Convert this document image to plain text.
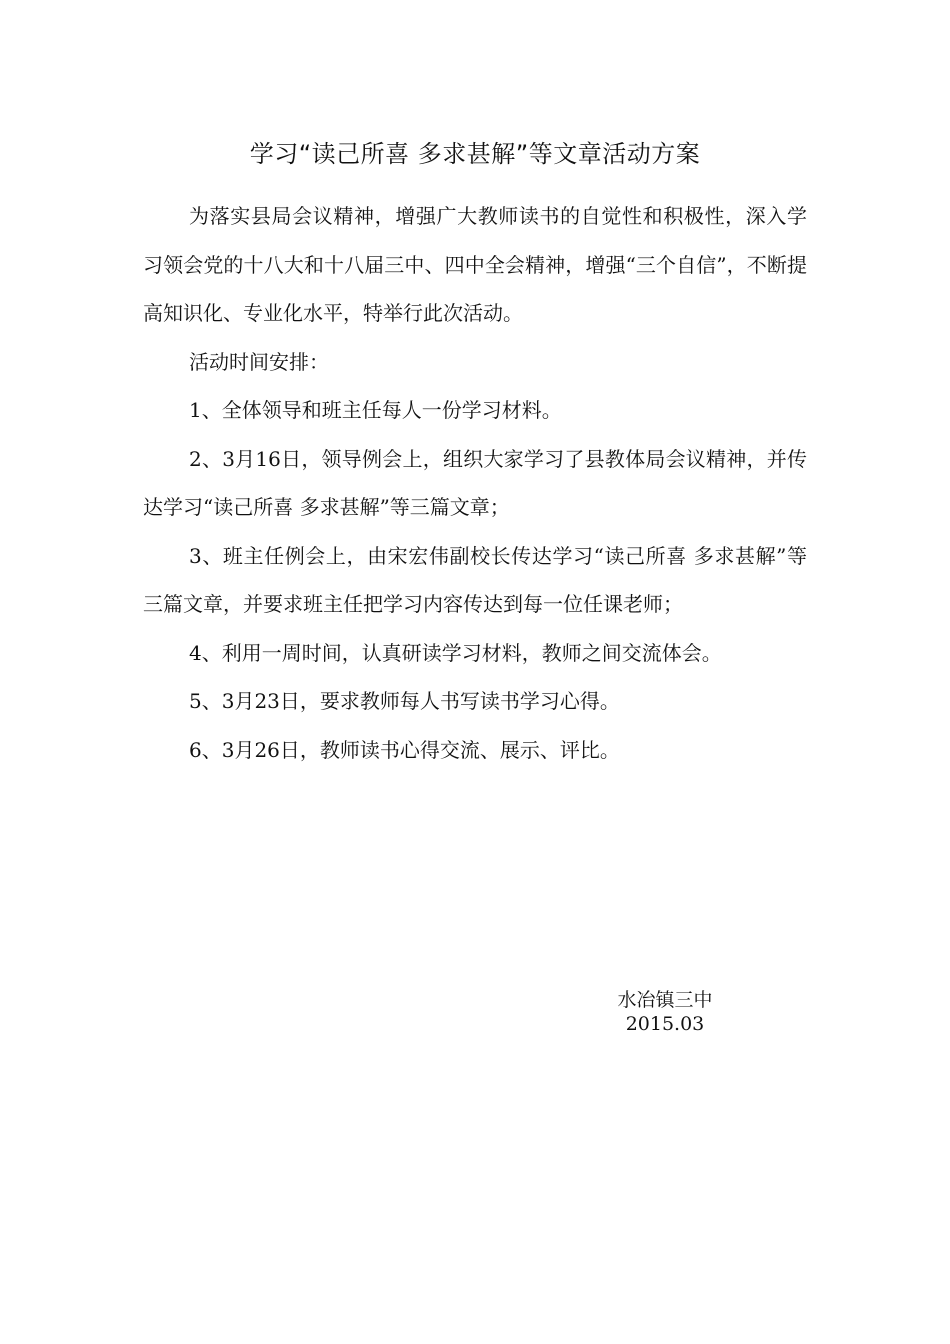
学习“读己所喜 多求甚解”等文章活动方案

为落实县局会议精神，增强广大教师读书的自觉性和积极性，深入学习领会党的十八大和十八届三中、四中全会精神，增强“三个自信”，不断提高知识化、专业化水平，特举行此次活动。

活动时间安排：

1、全体领导和班主任每人一份学习材料。

2、3月16日，领导例会上，组织大家学习了县教体局会议精神，并传达学习“读己所喜 多求甚解”等三篇文章；

3、班主任例会上，由宋宏伟副校长传达学习“读己所喜 多求甚解”等三篇文章，并要求班主任把学习内容传达到每一位任课老师；

4、利用一周时间，认真研读学习材料，教师之间交流体会。

5、3月23日，要求教师每人书写读书学习心得。

6、3月26日，教师读书心得交流、展示、评比。

水冶镇三中
2015.03
